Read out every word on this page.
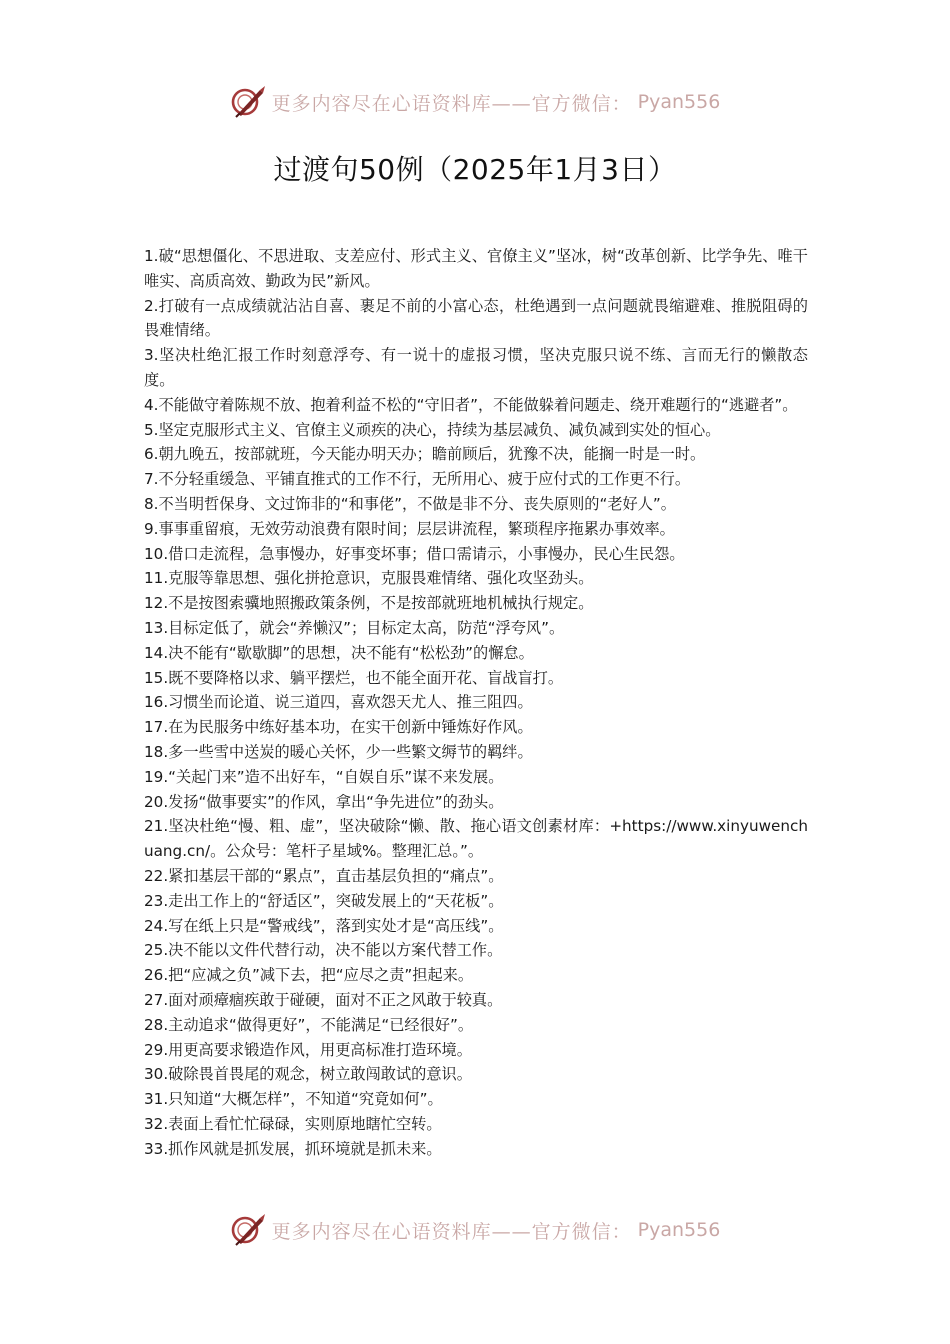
更多内容尽在心语资料库——官方微信： Pyan556
过渡句50例（2025年1月3日）

1.破“思想僵化、不思进取、支差应付、形式主义、官僚主义”坚冰，树“改革创新、比学争先、唯干唯实、高质高效、勤政为民”新风。

2.打破有一点成绩就沾沾自喜、裹足不前的小富心态，杜绝遇到一点问题就畏缩避难、推脱阻碍的畏难情绪。

3.坚决杜绝汇报工作时刻意浮夸、有一说十的虚报习惯，坚决克服只说不练、言而无行的懒散态度。

4.不能做守着陈规不放、抱着利益不松的“守旧者”，不能做躲着问题走、绕开难题行的“逃避者”。

5.坚定克服形式主义、官僚主义顽疾的决心，持续为基层减负、减负减到实处的恒心。

6.朝九晚五，按部就班，今天能办明天办；瞻前顾后，犹豫不决，能搁一时是一时。

7.不分轻重缓急、平铺直推式的工作不行，无所用心、疲于应付式的工作更不行。

8.不当明哲保身、文过饰非的“和事佬”，不做是非不分、丧失原则的“老好人”。

9.事事重留痕，无效劳动浪费有限时间；层层讲流程，繁琐程序拖累办事效率。

10.借口走流程，急事慢办，好事变坏事；借口需请示，小事慢办，民心生民怨。

11.克服等靠思想、强化拼抢意识，克服畏难情绪、强化攻坚劲头。

12.不是按图索骥地照搬政策条例，不是按部就班地机械执行规定。

13.目标定低了，就会“养懒汉”；目标定太高，防范“浮夸风”。

14.决不能有“歇歇脚”的思想，决不能有“松松劲”的懈怠。

15.既不要降格以求、躺平摆烂，也不能全面开花、盲战盲打。

16.习惯坐而论道、说三道四，喜欢怨天尤人、推三阻四。

17.在为民服务中练好基本功，在实干创新中锤炼好作风。

18.多一些雪中送炭的暖心关怀，少一些繁文缛节的羁绊。

19.“关起门来”造不出好车，“自娱自乐”谋不来发展。

20.发扬“做事要实”的作风，拿出“争先进位”的劲头。

21.坚决杜绝“慢、粗、虚”，坚决破除“懒、散、拖心语文创素材库：+https://www.xinyuwenchuang.cn/。公众号：笔杆子星域%。整理汇总。”。

22.紧扣基层干部的“累点”，直击基层负担的“痛点”。

23.走出工作上的“舒适区”，突破发展上的“天花板”。

24.写在纸上只是“警戒线”，落到实处才是“高压线”。

25.决不能以文件代替行动，决不能以方案代替工作。

26.把“应减之负”减下去，把“应尽之责”担起来。

27.面对顽瘴痼疾敢于碰硬，面对不正之风敢于较真。

28.主动追求“做得更好”，不能满足“已经很好”。

29.用更高要求锻造作风，用更高标准打造环境。

30.破除畏首畏尾的观念，树立敢闯敢试的意识。

31.只知道“大概怎样”，不知道“究竟如何”。

32.表面上看忙忙碌碌，实则原地瞎忙空转。

33.抓作风就是抓发展，抓环境就是抓未来。

更多内容尽在心语资料库——官方微信： Pyan556
